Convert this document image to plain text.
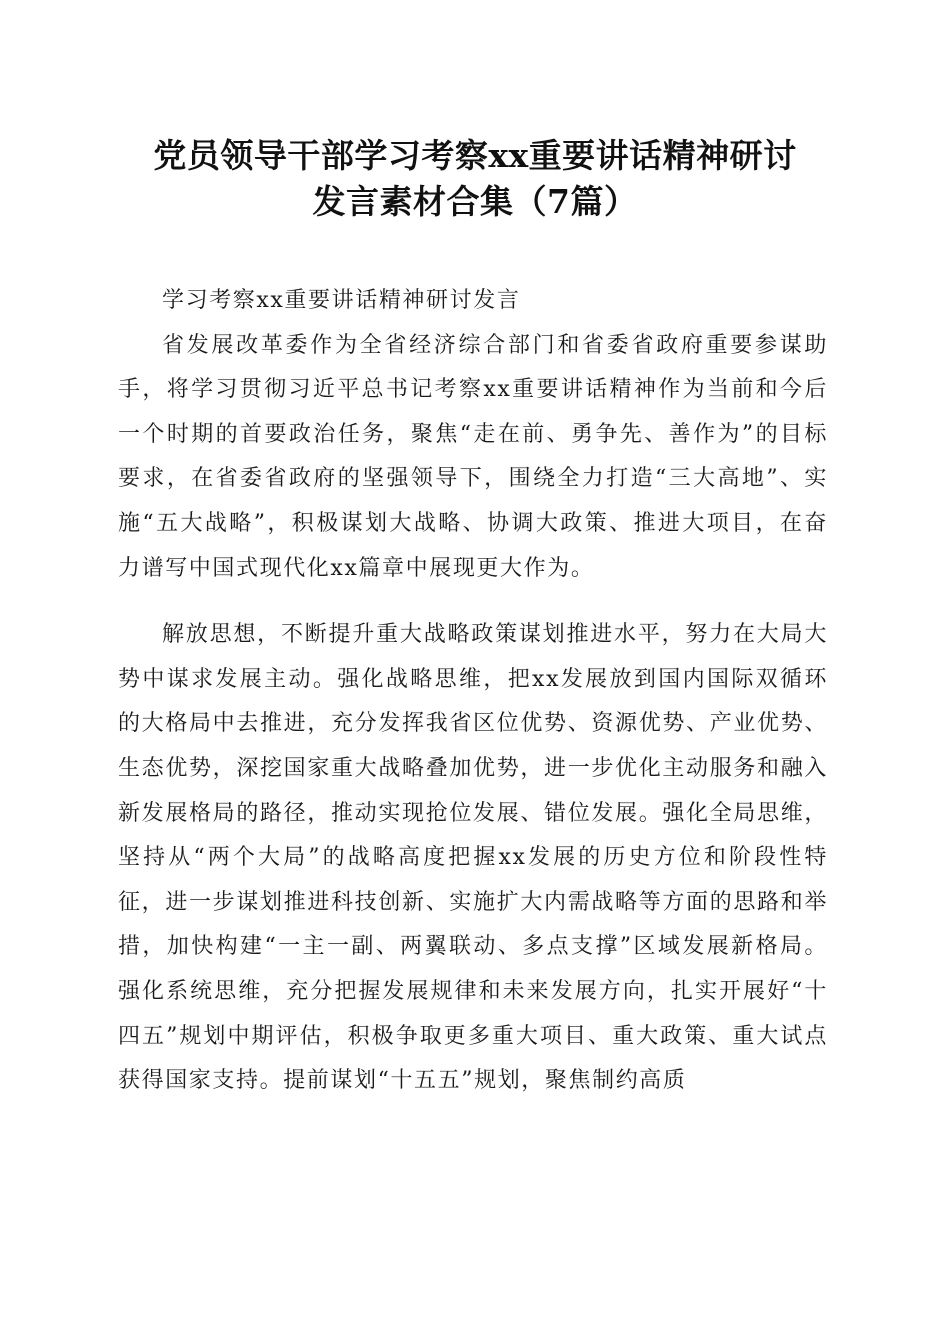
党员领导干部学习考察xx重要讲话精神研讨
发言素材合集（7篇）

学习考察xx重要讲话精神研讨发言

省发展改革委作为全省经济综合部门和省委省政府重要参谋助手，将学习贯彻习近平总书记考察xx重要讲话精神作为当前和今后一个时期的首要政治任务，聚焦“走在前、勇争先、善作为”的目标要求，在省委省政府的坚强领导下，围绕全力打造“三大高地”、实施“五大战略”，积极谋划大战略、协调大政策、推进大项目，在奋力谱写中国式现代化xx篇章中展现更大作为。

解放思想，不断提升重大战略政策谋划推进水平，努力在大局大势中谋求发展主动。强化战略思维，把xx发展放到国内国际双循环的大格局中去推进，充分发挥我省区位优势、资源优势、产业优势、生态优势，深挖国家重大战略叠加优势，进一步优化主动服务和融入新发展格局的路径，推动实现抢位发展、错位发展。强化全局思维，坚持从“两个大局”的战略高度把握xx发展的历史方位和阶段性特征，进一步谋划推进科技创新、实施扩大内需战略等方面的思路和举措，加快构建“一主一副、两翼联动、多点支撑”区域发展新格局。强化系统思维，充分把握发展规律和未来发展方向，扎实开展好“十四五”规划中期评估，积极争取更多重大项目、重大政策、重大试点获得国家支持。提前谋划“十五五”规划，聚焦制约高质
